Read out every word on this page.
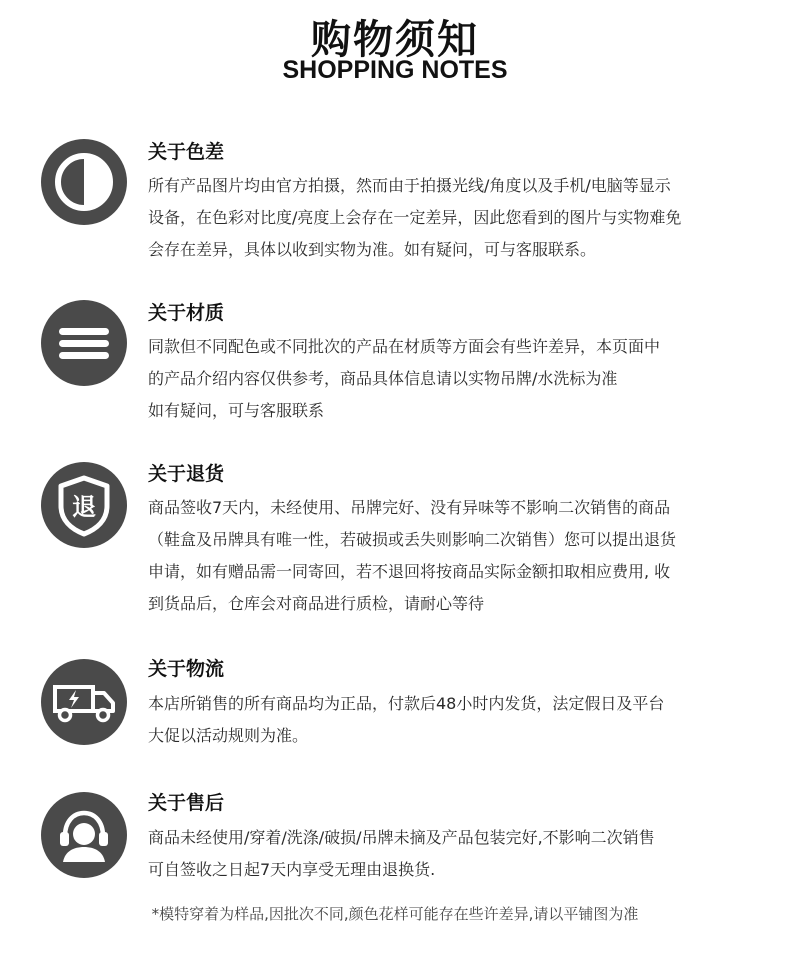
购物须知
SHOPPING NOTES
关于色差

所有产品图片均由官方拍摄，然而由于拍摄光线/角度以及手机/电脑等显示

设备，在色彩对比度/亮度上会存在一定差异，因此您看到的图片与实物难免

会存在差异，具体以收到实物为准。如有疑问，可与客服联系。

关于材质

同款但不同配色或不同批次的产品在材质等方面会有些许差异，本页面中

的产品介绍内容仅供参考，商品具体信息请以实物吊牌/水洗标为准

如有疑问，可与客服联系

退
关于退货

商品签收7天内，未经使用、吊牌完好、没有异味等不影响二次销售的商品

（鞋盒及吊牌具有唯一性，若破损或丢失则影响二次销售）您可以提出退货

申请，如有赠品需一同寄回，若不退回将按商品实际金额扣取相应费用, 收

到货品后，仓库会对商品进行质检，请耐心等待

关于物流

本店所销售的所有商品均为正品，付款后48小时内发货，法定假日及平台

大促以活动规则为准。

关于售后

商品未经使用/穿着/洗涤/破损/吊牌未摘及产品包装完好,不影响二次销售

可自签收之日起7天内享受无理由退换货.

*模特穿着为样品,因批次不同,颜色花样可能存在些许差异,请以平铺图为准
